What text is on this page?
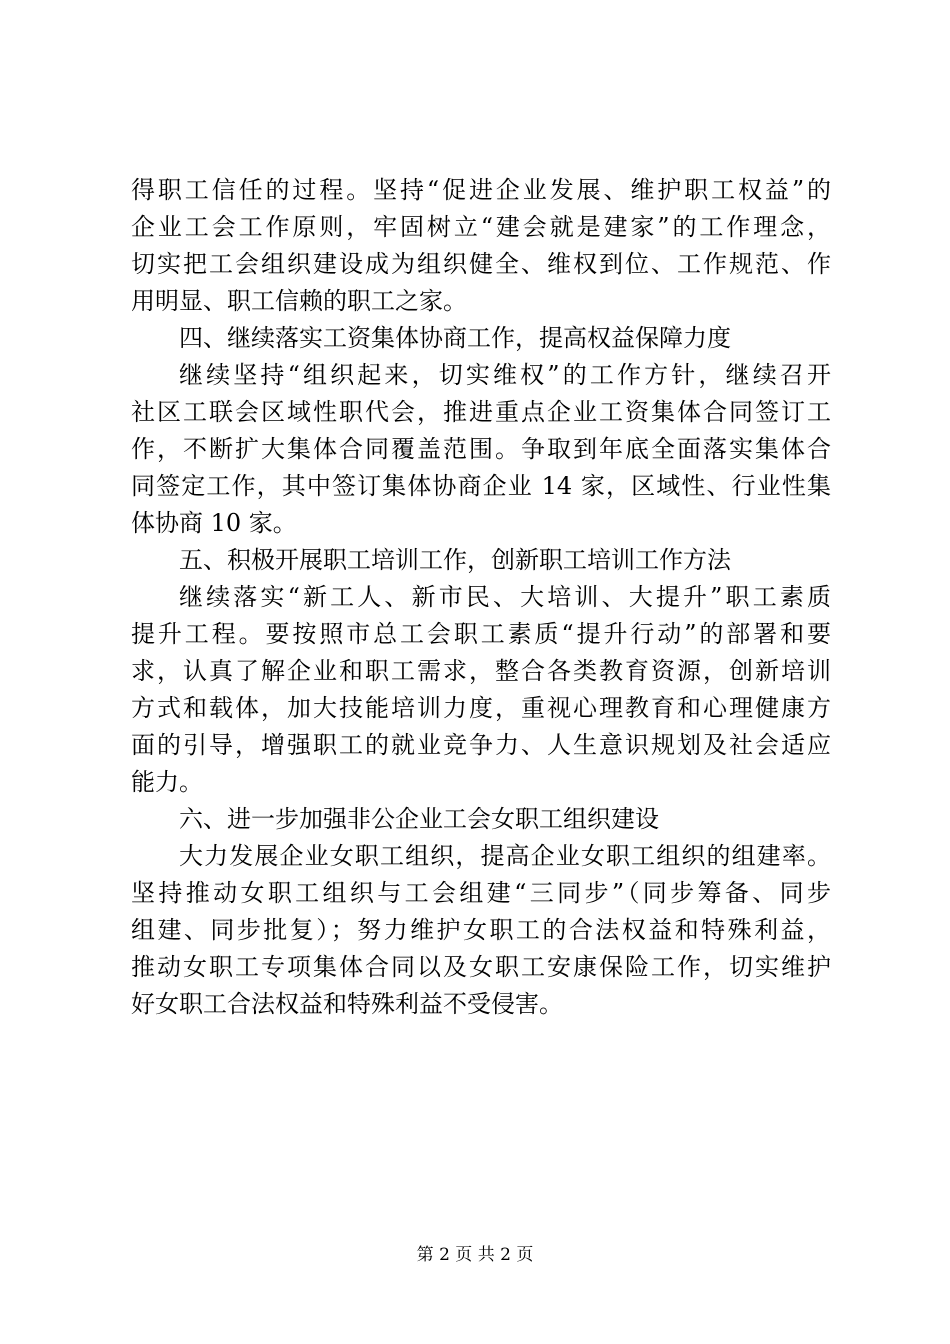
得职工信任的过程。坚持“促进企业发展、维护职工权益”的
企业工会工作原则，牢固树立“建会就是建家”的工作理念，
切实把工会组织建设成为组织健全、维权到位、工作规范、作
用明显、职工信赖的职工之家。
四、继续落实工资集体协商工作，提高权益保障力度
继续坚持“组织起来，切实维权”的工作方针，继续召开
社区工联会区域性职代会，推进重点企业工资集体合同签订工
作，不断扩大集体合同覆盖范围。争取到年底全面落实集体合
同签定工作，其中签订集体协商企业 14 家，区域性、行业性集
体协商 10 家。
五、积极开展职工培训工作，创新职工培训工作方法
继续落实“新工人、新市民、大培训、大提升”职工素质
提升工程。要按照市总工会职工素质“提升行动”的部署和要
求，认真了解企业和职工需求，整合各类教育资源，创新培训
方式和载体，加大技能培训力度，重视心理教育和心理健康方
面的引导，增强职工的就业竞争力、人生意识规划及社会适应
能力。
六、进一步加强非公企业工会女职工组织建设
大力发展企业女职工组织，提高企业女职工组织的组建率。
坚持推动女职工组织与工会组建“三同步”（同步筹备、同步
组建、同步批复）；努力维护女职工的合法权益和特殊利益，
推动女职工专项集体合同以及女职工安康保险工作，切实维护
好女职工合法权益和特殊利益不受侵害。
第 2 页 共 2 页
